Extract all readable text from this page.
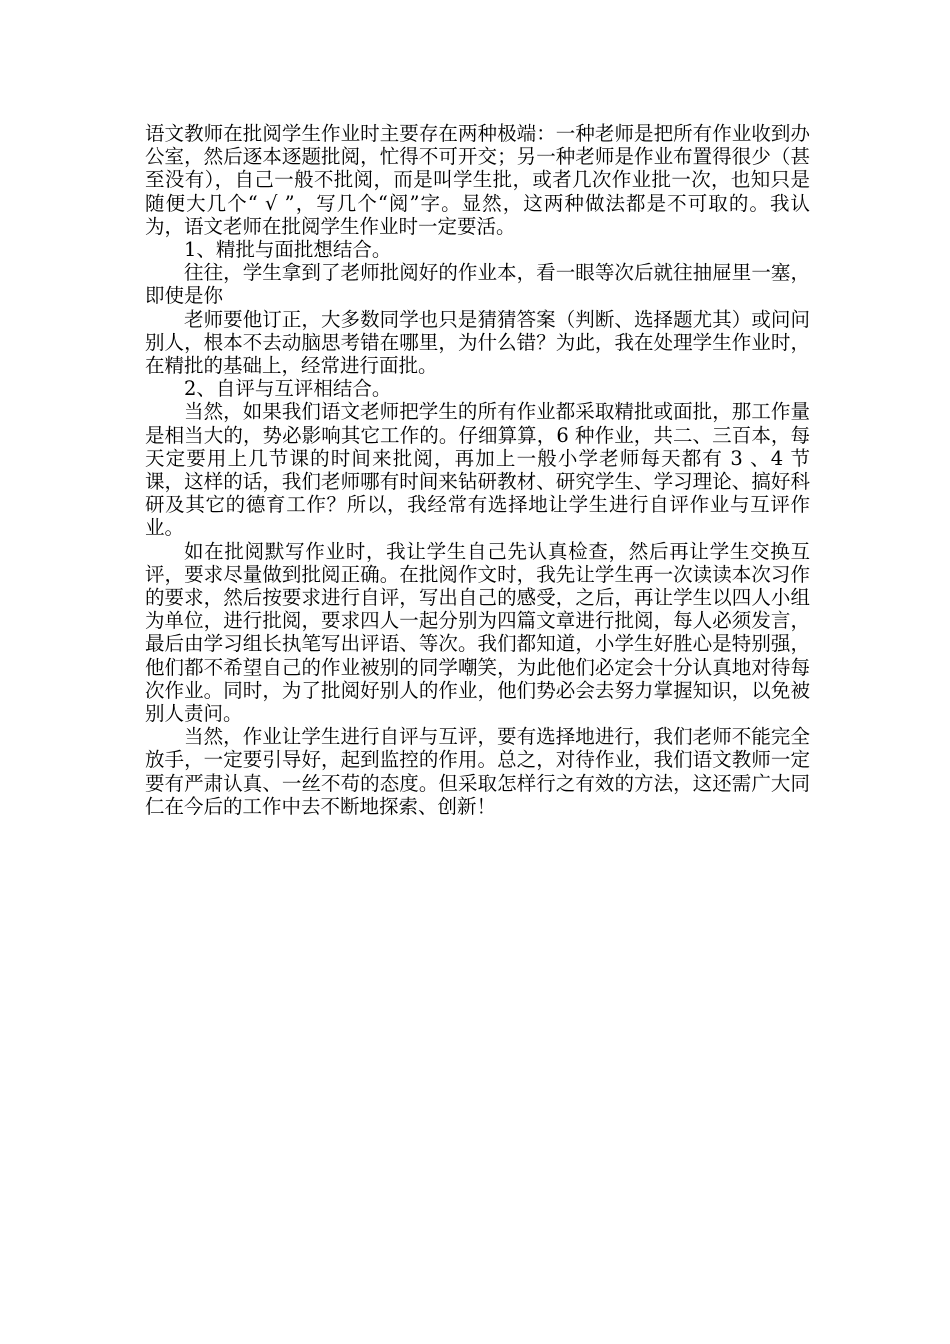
语文教师在批阅学生作业时主要存在两种极端：一种老师是把所有作业收到办公室，然后逐本逐题批阅，忙得不可开交；另一种老师是作业布置得很少（甚至没有），自己一般不批阅，而是叫学生批，或者几次作业批一次，也知只是随便大几个“ √ ”，写几个“阅”字。显然，这两种做法都是不可取的。我认为，语文老师在批阅学生作业时一定要活。

1、精批与面批想结合。

往往，学生拿到了老师批阅好的作业本，看一眼等次后就往抽屉里一塞，即使是你

老师要他订正，大多数同学也只是猜猜答案（判断、选择题尤其）或问问别人，根本不去动脑思考错在哪里，为什么错？为此，我在处理学生作业时，在精批的基础上，经常进行面批。

2、自评与互评相结合。

当然，如果我们语文老师把学生的所有作业都采取精批或面批，那工作量是相当大的，势必影响其它工作的。仔细算算，6 种作业，共二、三百本，每天定要用上几节课的时间来批阅，再加上一般小学老师每天都有 3 、4 节课，这样的话，我们老师哪有时间来钻研教材、研究学生、学习理论、搞好科研及其它的德育工作？所以，我经常有选择地让学生进行自评作业与互评作业。

如在批阅默写作业时，我让学生自己先认真检查，然后再让学生交换互评，要求尽量做到批阅正确。在批阅作文时，我先让学生再一次读读本次习作的要求，然后按要求进行自评，写出自己的感受，之后，再让学生以四人小组为单位，进行批阅，要求四人一起分别为四篇文章进行批阅，每人必须发言，最后由学习组长执笔写出评语、等次。我们都知道，小学生好胜心是特别强，他们都不希望自己的作业被别的同学嘲笑，为此他们必定会十分认真地对待每次作业。同时，为了批阅好别人的作业，他们势必会去努力掌握知识，以免被别人责问。

当然，作业让学生进行自评与互评，要有选择地进行，我们老师不能完全放手，一定要引导好，起到监控的作用。总之，对待作业，我们语文教师一定要有严肃认真、一丝不苟的态度。但采取怎样行之有效的方法，这还需广大同仁在今后的工作中去不断地探索、创新！
